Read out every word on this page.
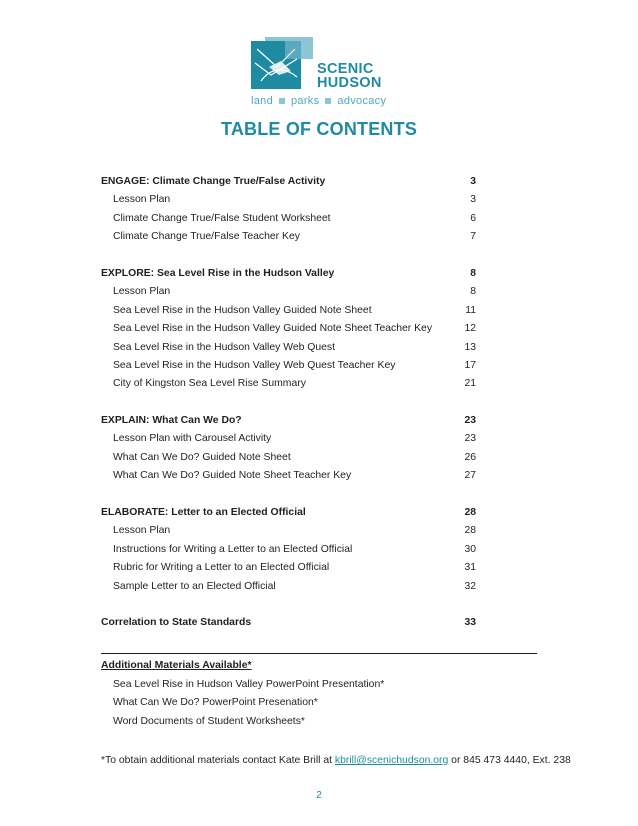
SCENIC
HUDSON
land parks advocacy
TABLE OF CONTENTS
ENGAGE: Climate Change True/False Activity	3
Lesson Plan	3
Climate Change True/False Student Worksheet	6
Climate Change True/False Teacher Key	7
EXPLORE: Sea Level Rise in the Hudson Valley	8
Lesson Plan	8
Sea Level Rise in the Hudson Valley Guided Note Sheet	11
Sea Level Rise in the Hudson Valley Guided Note Sheet Teacher Key	12
Sea Level Rise in the Hudson Valley Web Quest	13
Sea Level Rise in the Hudson Valley Web Quest Teacher Key	17
City of Kingston Sea Level Rise Summary	21
EXPLAIN: What Can We Do?	23
Lesson Plan with Carousel Activity	23
What Can We Do? Guided Note Sheet	26
What Can We Do? Guided Note Sheet Teacher Key	27
ELABORATE: Letter to an Elected Official	28
Lesson Plan	28
Instructions for Writing a Letter to an Elected Official	30
Rubric for Writing a Letter to an Elected Official	31
Sample Letter to an Elected Official	32
Correlation to State Standards	33
Additional Materials Available*
Sea Level Rise in Hudson Valley PowerPoint Presentation*
What Can We Do? PowerPoint Presenation*
Word Documents of Student Worksheets*
*To obtain additional materials contact Kate Brill at kbrill@scenichudson.org or 845 473 4440, Ext. 238
2
